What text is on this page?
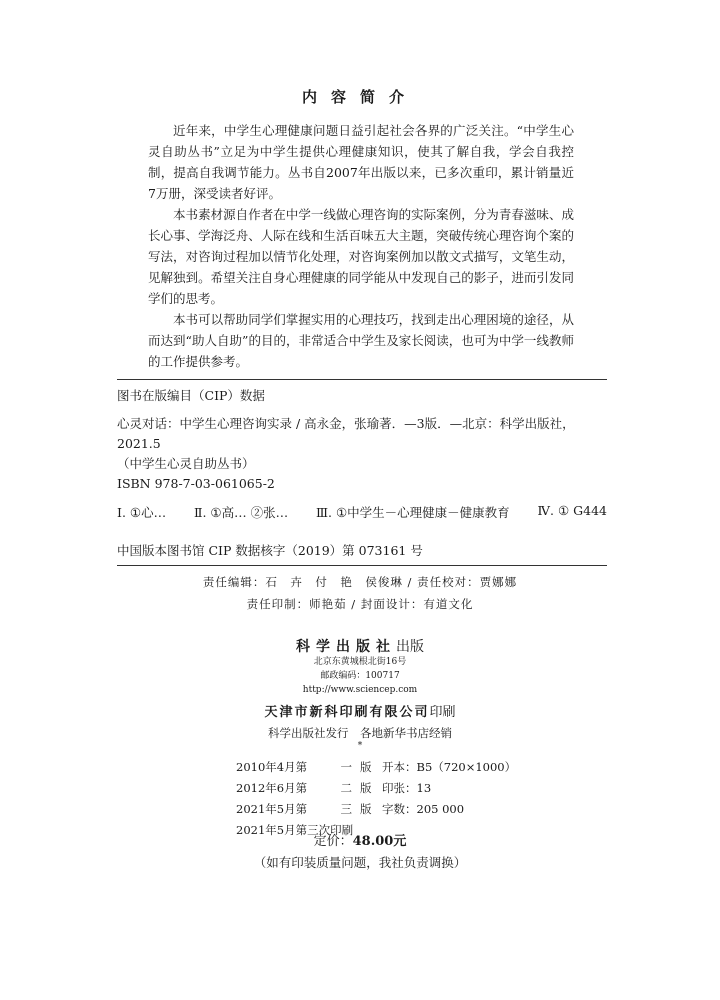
内容简介

近年来，中学生心理健康问题日益引起社会各界的广泛关注。“中学生心灵自助丛书”立足为中学生提供心理健康知识，使其了解自我，学会自我控制，提高自我调节能力。丛书自2007年出版以来，已多次重印，累计销量近7万册，深受读者好评。

本书素材源自作者在中学一线做心理咨询的实际案例，分为青春滋味、成长心事、学海泛舟、人际在线和生活百味五大主题，突破传统心理咨询个案的写法，对咨询过程加以情节化处理，对咨询案例加以散文式描写，文笔生动，见解独到。希望关注自身心理健康的同学能从中发现自己的影子，进而引发同学们的思考。

本书可以帮助同学们掌握实用的心理技巧，找到走出心理困境的途径，从而达到“助人自助”的目的，非常适合中学生及家长阅读，也可为中学一线教师的工作提供参考。

图书在版编目（CIP）数据
心灵对话：中学生心理咨询实录 / 高永金，张瑜著．—3版．—北京：科学出版社，
2021.5
（中学生心灵自助丛书）
ISBN 978-7-03-061065-2
Ⅰ. ①心… Ⅱ. ①高… ②张… Ⅲ. ①中学生－心理健康－健康教育 Ⅳ. ① G444
中国版本图书馆 CIP 数据核字（2019）第 073161 号
责任编辑：石　卉　付　艳　侯俊琳 / 责任校对：贾娜娜
责任印制：师艳茹 / 封面设计：有道文化
科学出版社出版
北京东黄城根北街16号
邮政编码：100717
http://www.sciencep.com
天津市新科印刷有限公司印刷
科学出版社发行　各地新华书店经销
*
2010年4月第	一版 开本：B5（720×1000）
2012年6月第	二版 印张：13
2021年5月第	三版 字数：205 000
2021年5月第三次印刷
定价：48.00元
（如有印装质量问题，我社负责调换）
